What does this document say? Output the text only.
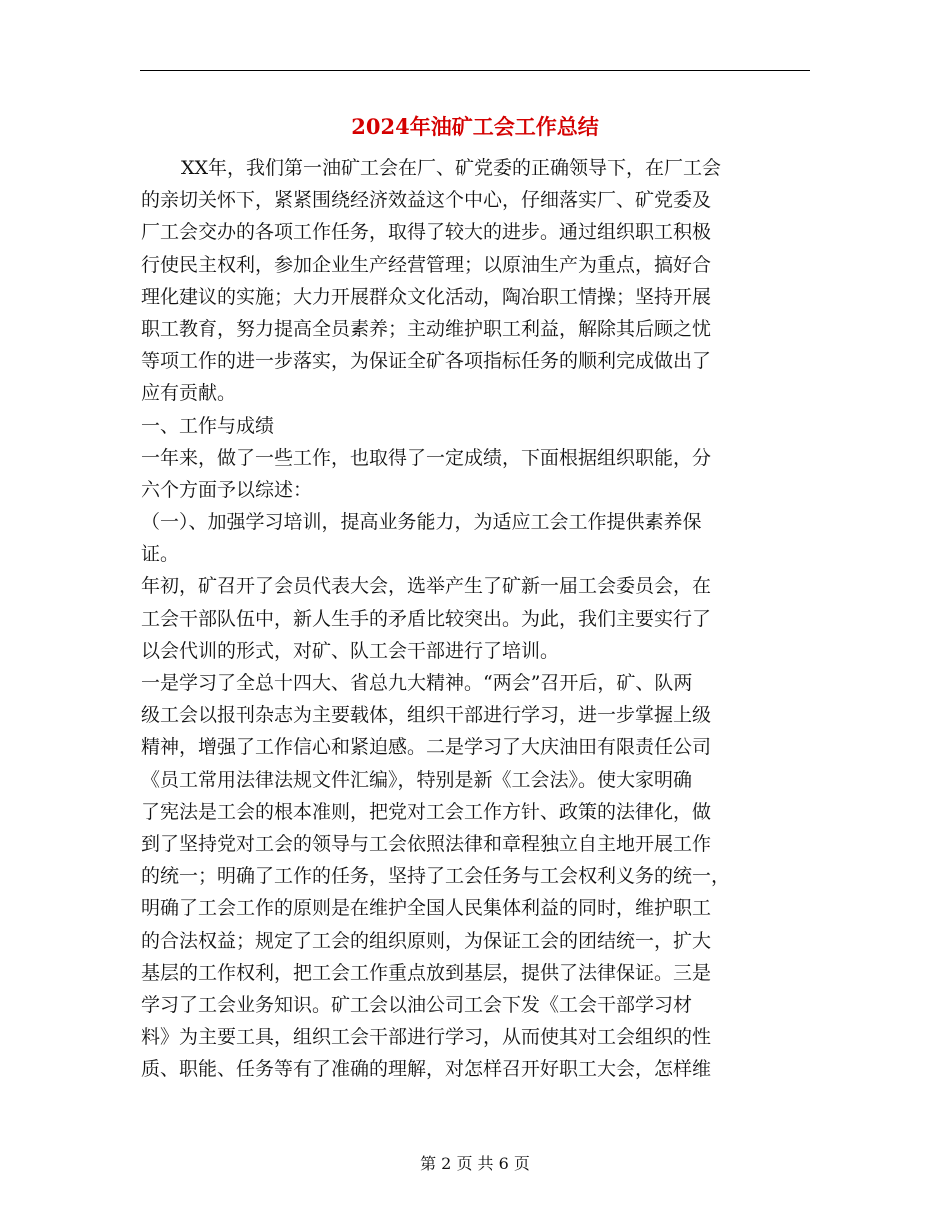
2024年油矿工会工作总结
XX年，我们第一油矿工会在厂、矿党委的正确领导下，在厂工会
的亲切关怀下，紧紧围绕经济效益这个中心，仔细落实厂、矿党委及
厂工会交办的各项工作任务，取得了较大的进步。通过组织职工积极
行使民主权利，参加企业生产经营管理；以原油生产为重点，搞好合
理化建议的实施；大力开展群众文化活动，陶冶职工情操；坚持开展
职工教育，努力提高全员素养；主动维护职工利益，解除其后顾之忧
等项工作的进一步落实，为保证全矿各项指标任务的顺利完成做出了
应有贡献。
一、工作与成绩
一年来，做了一些工作，也取得了一定成绩，下面根据组织职能，分
六个方面予以综述：
（一）、加强学习培训，提高业务能力，为适应工会工作提供素养保
证。
年初，矿召开了会员代表大会，选举产生了矿新一届工会委员会，在
工会干部队伍中，新人生手的矛盾比较突出。为此，我们主要实行了
以会代训的形式，对矿、队工会干部进行了培训。
一是学习了全总十四大、省总九大精神。“两会”召开后，矿、队两
级工会以报刊杂志为主要载体，组织干部进行学习，进一步掌握上级
精神，增强了工作信心和紧迫感。二是学习了大庆油田有限责任公司
《员工常用法律法规文件汇编》，特别是新《工会法》。使大家明确
了宪法是工会的根本准则，把党对工会工作方针、政策的法律化，做
到了坚持党对工会的领导与工会依照法律和章程独立自主地开展工作
的统一；明确了工作的任务，坚持了工会任务与工会权利义务的统一，
明确了工会工作的原则是在维护全国人民集体利益的同时，维护职工
的合法权益；规定了工会的组织原则，为保证工会的团结统一，扩大
基层的工作权利，把工会工作重点放到基层，提供了法律保证。三是
学习了工会业务知识。矿工会以油公司工会下发《工会干部学习材
料》为主要工具，组织工会干部进行学习，从而使其对工会组织的性
质、职能、任务等有了准确的理解，对怎样召开好职工大会，怎样维
第 2 页 共 6 页
